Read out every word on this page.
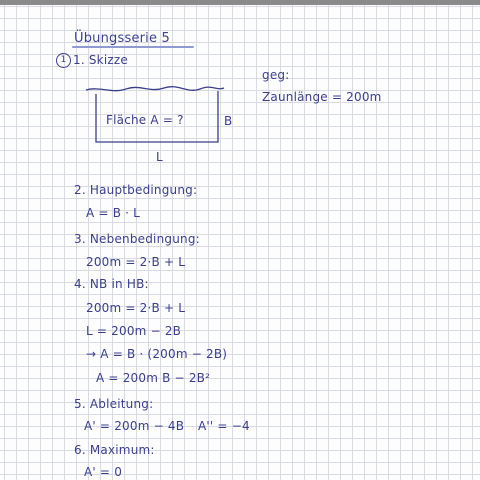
Übungsserie 5
1 1. Skizze
geg:
Zaunlänge = 200m
Fläche A = ?	B
L
2. Hauptbedingung:
A = B · L
3. Nebenbedingung:
200m = 2·B + L
4. NB in HB:
200m = 2·B + L
L = 200m − 2B
→ A = B · (200m − 2B)
A = 200m B − 2B²
5. Ableitung:
A' = 200m − 4B A'' = −4
6. Maximum:
A' = 0
